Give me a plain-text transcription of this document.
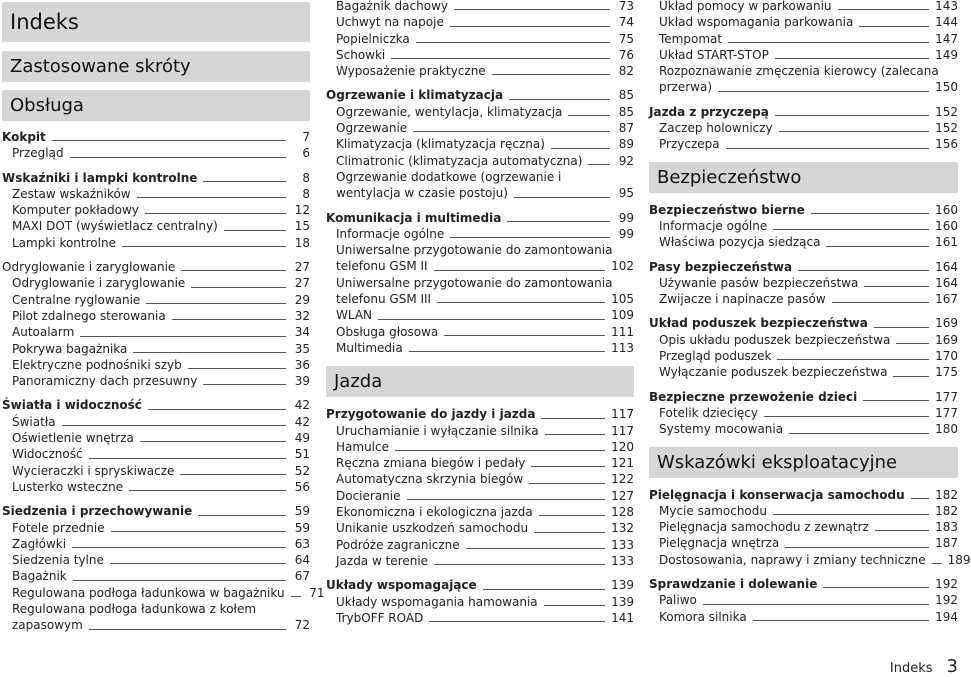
Indeks
Zastosowane skróty
Obsługa
Kokpit	7
Przegląd	6
Wskaźniki i lampki kontrolne	8
Zestaw wskaźników	8
Komputer pokładowy	12
MAXI DOT (wyświetlacz centralny)	15
Lampki kontrolne	18
Odryglowanie i zaryglowanie	27
Odryglowanie i zaryglowanie	27
Centralne ryglowanie	29
Pilot zdalnego sterowania	32
Autoalarm	34
Pokrywa bagażnika	35
Elektryczne podnośniki szyb	36
Panoramiczny dach przesuwny	39
Światła i widoczność	42
Światła	42
Oświetlenie wnętrza	49
Widoczność	51
Wycieraczki i spryskiwacze	52
Lusterko wsteczne	56
Siedzenia i przechowywanie	59
Fotele przednie	59
Zagłówki	63
Siedzenia tylne	64
Bagażnik	67
Regulowana podłoga ładunkowa w bagażniku 71
Regulowana podłoga ładunkowa z kołem
zapasowym	72
Bagażnik dachowy	73
Uchwyt na napoje	74
Popielniczka	75
Schowki	76
Wyposażenie praktyczne	82
Ogrzewanie i klimatyzacja	85
Ogrzewanie, wentylacja, klimatyzacja	85
Ogrzewanie	87
Klimatyzacja (klimatyzacja ręczna)	89
Climatronic (klimatyzacja automatyczna)	92
Ogrzewanie dodatkowe (ogrzewanie i
wentylacja w czasie postoju)	95
Komunikacja i multimedia	99
Informacje ogólne	99
Uniwersalne przygotowanie do zamontowania
telefonu GSM II	102
Uniwersalne przygotowanie do zamontowania
telefonu GSM III	105
WLAN	109
Obsługa głosowa	111
Multimedia	113
Jazda
Przygotowanie do jazdy i jazda	117
Uruchamianie i wyłączanie silnika	117
Hamulce	120
Ręczna zmiana biegów i pedały	121
Automatyczna skrzynia biegów	122
Docieranie	127
Ekonomiczna i ekologiczna jazda	128
Unikanie uszkodzeń samochodu	132
Podróże zagraniczne	133
Jazda w terenie	133
Układy wspomagające	139
Układy wspomagania hamowania	139
TrybOFF ROAD	141
Układ pomocy w parkowaniu	143
Układ wspomagania parkowania	144
Tempomat	147
Układ START-STOP	149
Rozpoznawanie zmęczenia kierowcy (zalecana
przerwa)	150
Jazda z przyczepą	152
Zaczep holowniczy	152
Przyczepa	156
Bezpieczeństwo
Bezpieczeństwo bierne	160
Informacje ogólne	160
Właściwa pozycja siedząca	161
Pasy bezpieczeństwa	164
Używanie pasów bezpieczeństwa	164
Zwijacze i napinacze pasów	167
Układ poduszek bezpieczeństwa	169
Opis układu poduszek bezpieczeństwa	169
Przegląd poduszek	170
Wyłączanie poduszek bezpieczeństwa	175
Bezpieczne przewożenie dzieci	177
Fotelik dziecięcy	177
Systemy mocowania	180
Wskazówki eksploatacyjne
Pielęgnacja i konserwacja samochodu	182
Mycie samochodu	182
Pielęgnacja samochodu z zewnątrz	183
Pielęgnacja wnętrza	187
Dostosowania, naprawy i zmiany techniczne 189
Sprawdzanie i dolewanie	192
Paliwo	192
Komora silnika	194
Indeks 3
